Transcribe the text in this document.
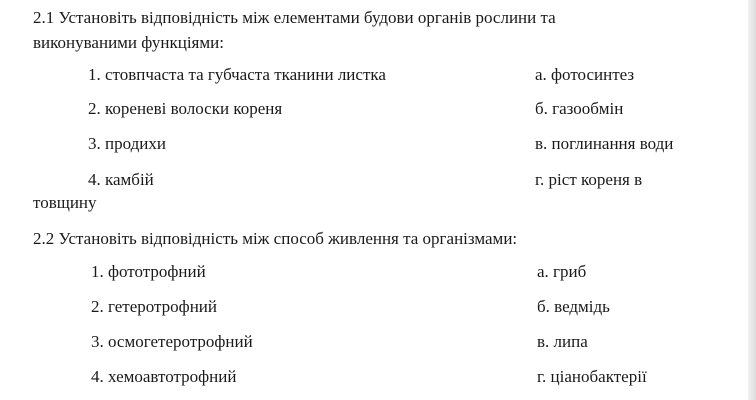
2.1 Установіть відповідність між елементами будови органів рослини та
виконуваними функціями:
1. стовпчаста та губчаста тканини листка	а. фотосинтез
2. кореневі волоски кореня	б. газообмін
3. продихи	в. поглинання води
4. камбій	г. ріст кореня в
товщину
2.2 Установіть відповідність між способ живлення та організмами:
1. фототрофний	а. гриб
2. гетеротрофний	б. ведмідь
3. осмогетеротрофний	в. липа
4. хемоавтотрофний	г. ціанобактерії
